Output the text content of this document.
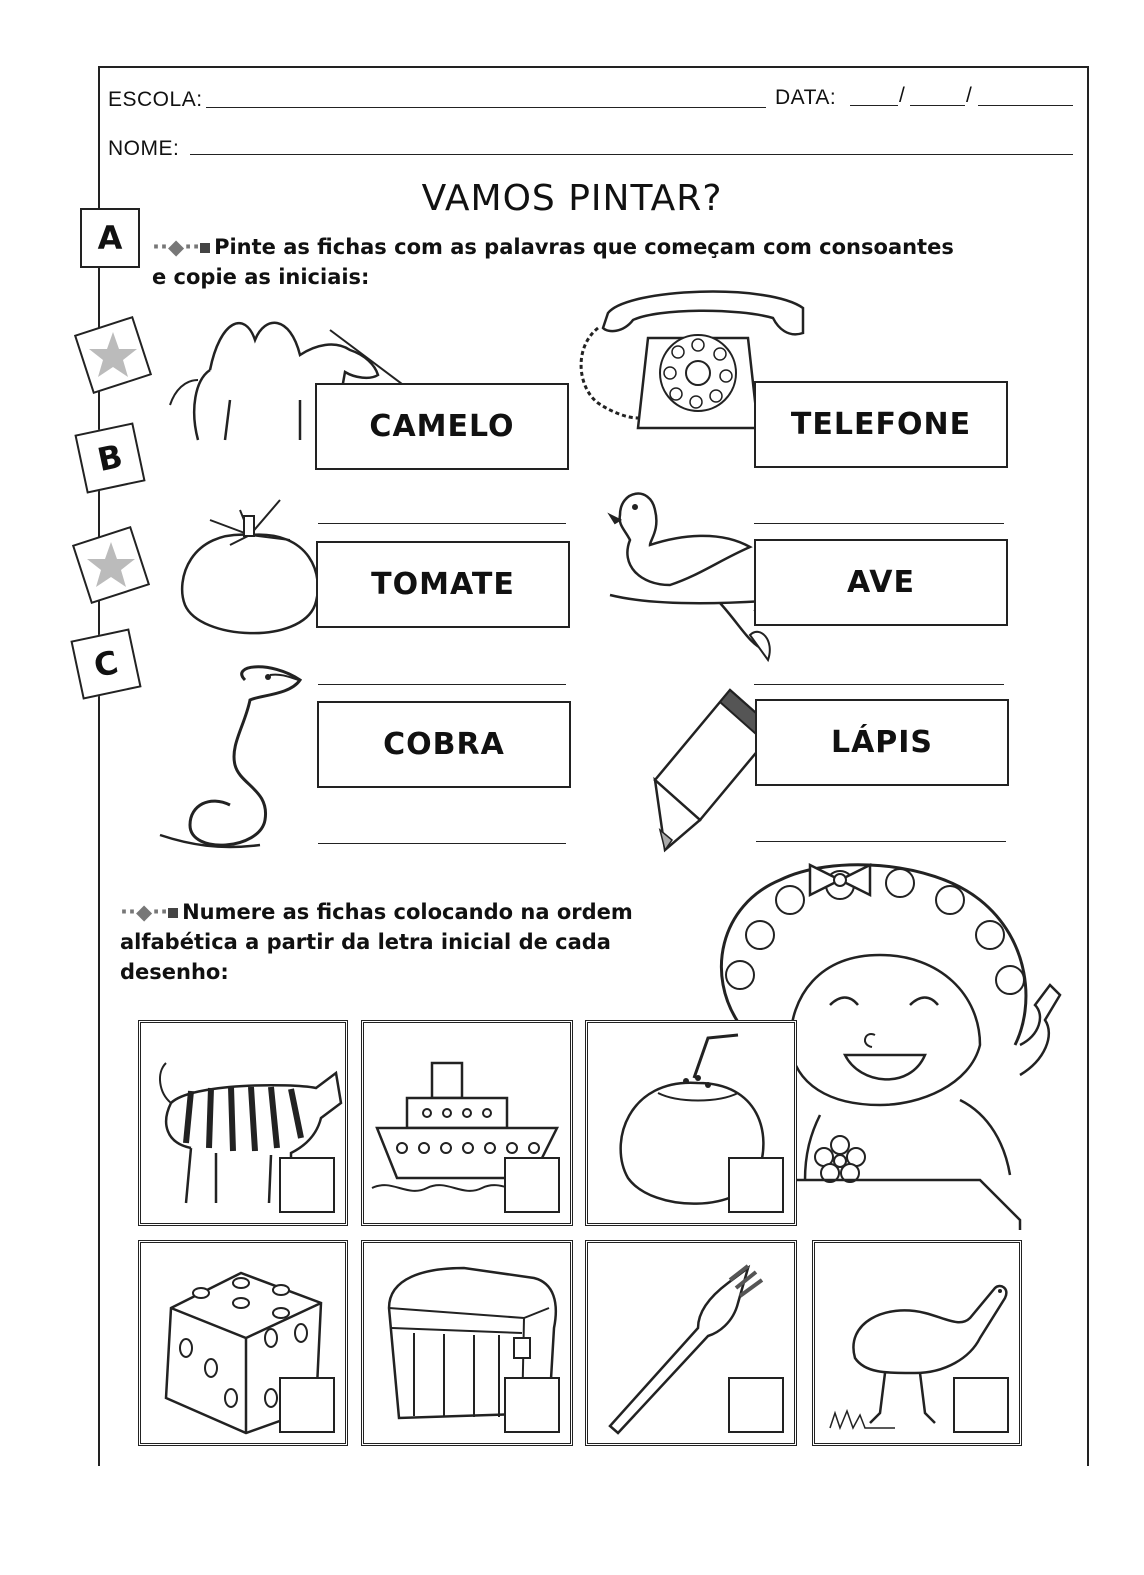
ESCOLA:	DATA:	/	/
NOME:
VAMOS PINTAR?
A
B
C
··◆·· Pinte as fichas com as palavras que começam com consoantes
e copie as iniciais:
CAMELO	TELEFONE
TOMATE	AVE
COBRA	LÁPIS
··◆·· Numere as fichas colocando na ordem
alfabética a partir da letra inicial de cada
desenho:
